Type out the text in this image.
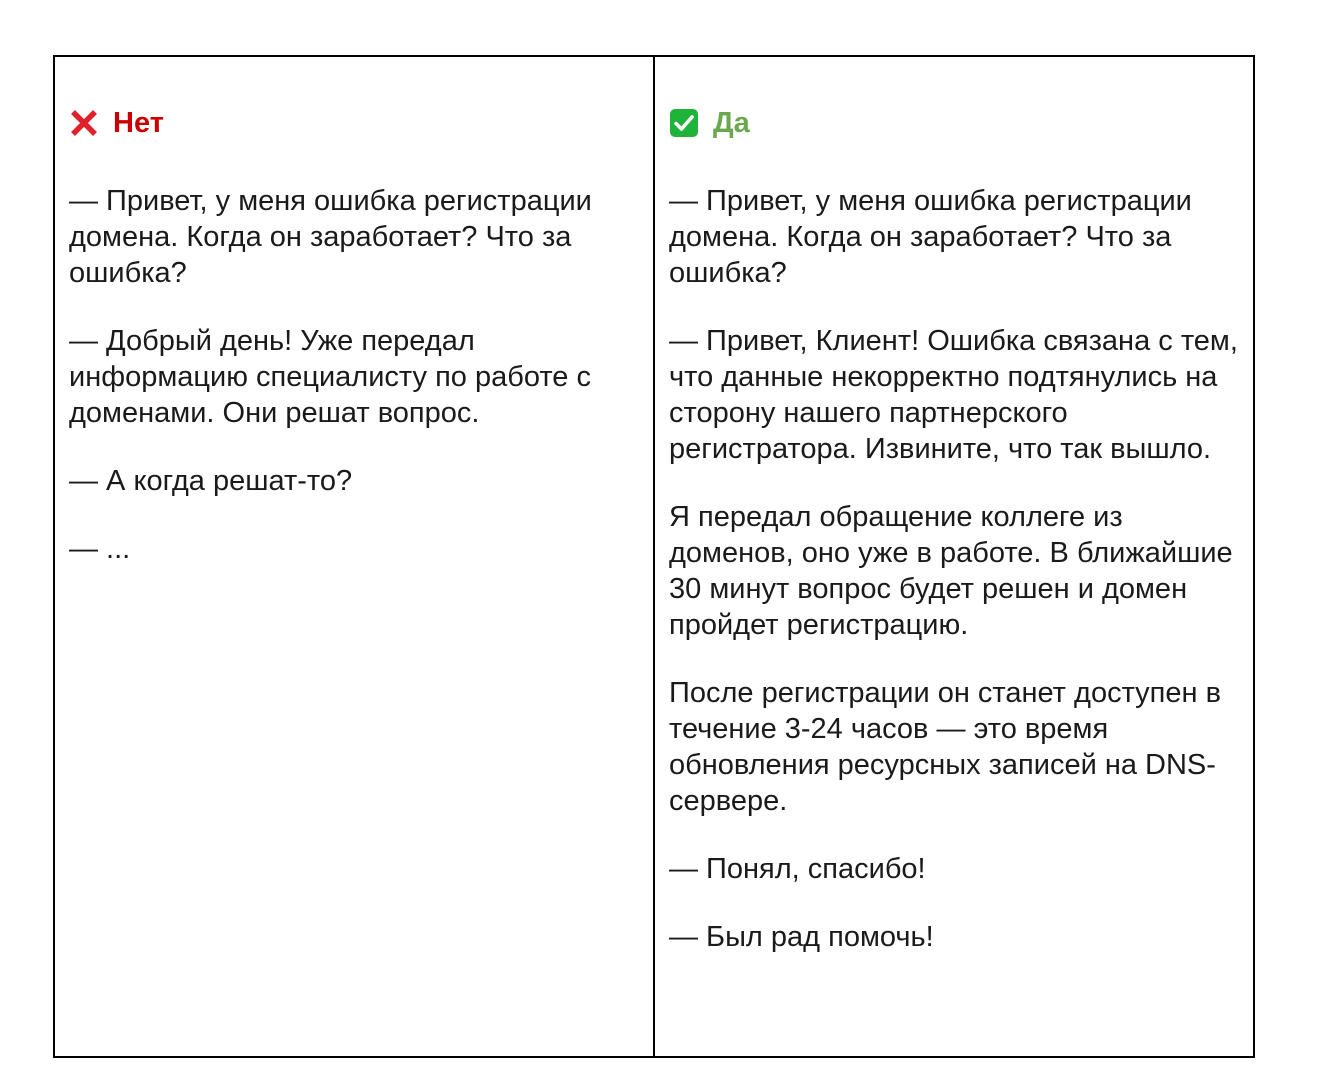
Нет

— Привет, у меня ошибка регистрации домена. Когда он заработает? Что за ошибка?

— Добрый день! Уже передал информацию специалисту по работе с доменами. Они решат вопрос.

— А когда решат-то?

— ...

Да

— Привет, у меня ошибка регистрации домена. Когда он заработает? Что за ошибка?

— Привет, Клиент! Ошибка связана с тем, что данные некорректно подтянулись на сторону нашего партнерского регистратора. Извините, что так вышло.

Я передал обращение коллеге из доменов, оно уже в работе. В ближайшие 30 минут вопрос будет решен и домен пройдет регистрацию.

После регистрации он станет доступен в течение 3-24 часов — это время обновления ресурсных записей на DNS-сервере.

— Понял, спасибо!

— Был рад помочь!
